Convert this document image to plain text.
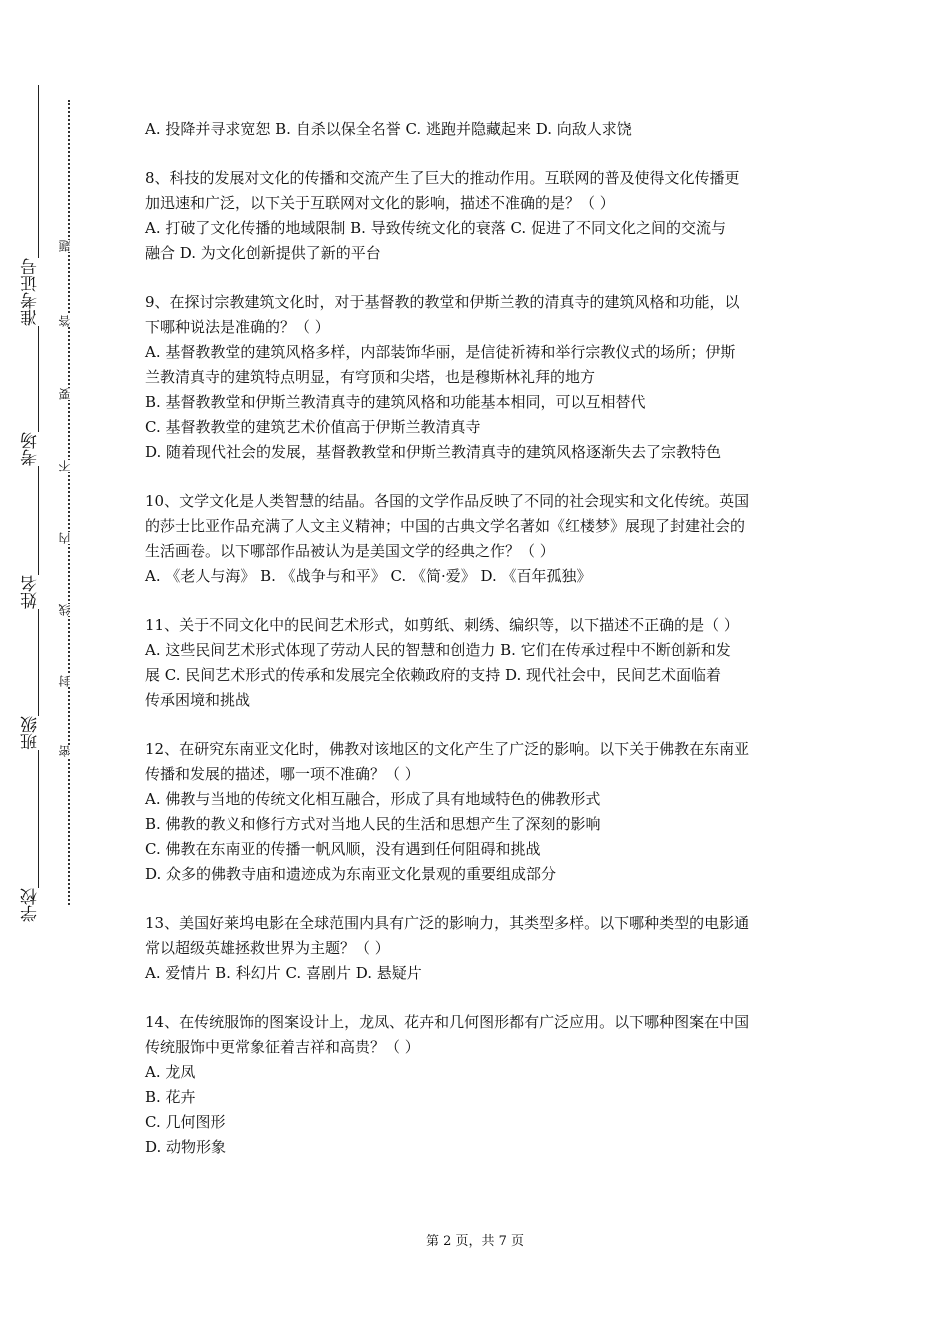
准考证号
考场
姓名
班级
学校
题
答
要
不
内
线
封
密
A. 投降并寻求宽恕 B. 自杀以保全名誉 C. 逃跑并隐藏起来 D. 向敌人求饶
8、科技的发展对文化的传播和交流产生了巨大的推动作用。互联网的普及使得文化传播更
加迅速和广泛，以下关于互联网对文化的影响，描述不准确的是？（ ）
A. 打破了文化传播的地域限制 B. 导致传统文化的衰落 C. 促进了不同文化之间的交流与
融合 D. 为文化创新提供了新的平台
9、在探讨宗教建筑文化时，对于基督教的教堂和伊斯兰教的清真寺的建筑风格和功能，以
下哪种说法是准确的？（ ）
A. 基督教教堂的建筑风格多样，内部装饰华丽，是信徒祈祷和举行宗教仪式的场所；伊斯
兰教清真寺的建筑特点明显，有穹顶和尖塔，也是穆斯林礼拜的地方
B. 基督教教堂和伊斯兰教清真寺的建筑风格和功能基本相同，可以互相替代
C. 基督教教堂的建筑艺术价值高于伊斯兰教清真寺
D. 随着现代社会的发展，基督教教堂和伊斯兰教清真寺的建筑风格逐渐失去了宗教特色
10、文学文化是人类智慧的结晶。各国的文学作品反映了不同的社会现实和文化传统。英国
的莎士比亚作品充满了人文主义精神；中国的古典文学名著如《红楼梦》展现了封建社会的
生活画卷。以下哪部作品被认为是美国文学的经典之作？（ ）
A. 《老人与海》 B. 《战争与和平》 C. 《简·爱》 D. 《百年孤独》
11、关于不同文化中的民间艺术形式，如剪纸、刺绣、编织等，以下描述不正确的是（ ）
A. 这些民间艺术形式体现了劳动人民的智慧和创造力 B. 它们在传承过程中不断创新和发
展 C. 民间艺术形式的传承和发展完全依赖政府的支持 D. 现代社会中，民间艺术面临着
传承困境和挑战
12、在研究东南亚文化时，佛教对该地区的文化产生了广泛的影响。以下关于佛教在东南亚
传播和发展的描述，哪一项不准确？（ ）
A. 佛教与当地的传统文化相互融合，形成了具有地域特色的佛教形式
B. 佛教的教义和修行方式对当地人民的生活和思想产生了深刻的影响
C. 佛教在东南亚的传播一帆风顺，没有遇到任何阻碍和挑战
D. 众多的佛教寺庙和遗迹成为东南亚文化景观的重要组成部分
13、美国好莱坞电影在全球范围内具有广泛的影响力，其类型多样。以下哪种类型的电影通
常以超级英雄拯救世界为主题？（ ）
A. 爱情片 B. 科幻片 C. 喜剧片 D. 悬疑片
14、在传统服饰的图案设计上，龙凤、花卉和几何图形都有广泛应用。以下哪种图案在中国
传统服饰中更常象征着吉祥和高贵？（ ）
A. 龙凤
B. 花卉
C. 几何图形
D. 动物形象
第 2 页，共 7 页
